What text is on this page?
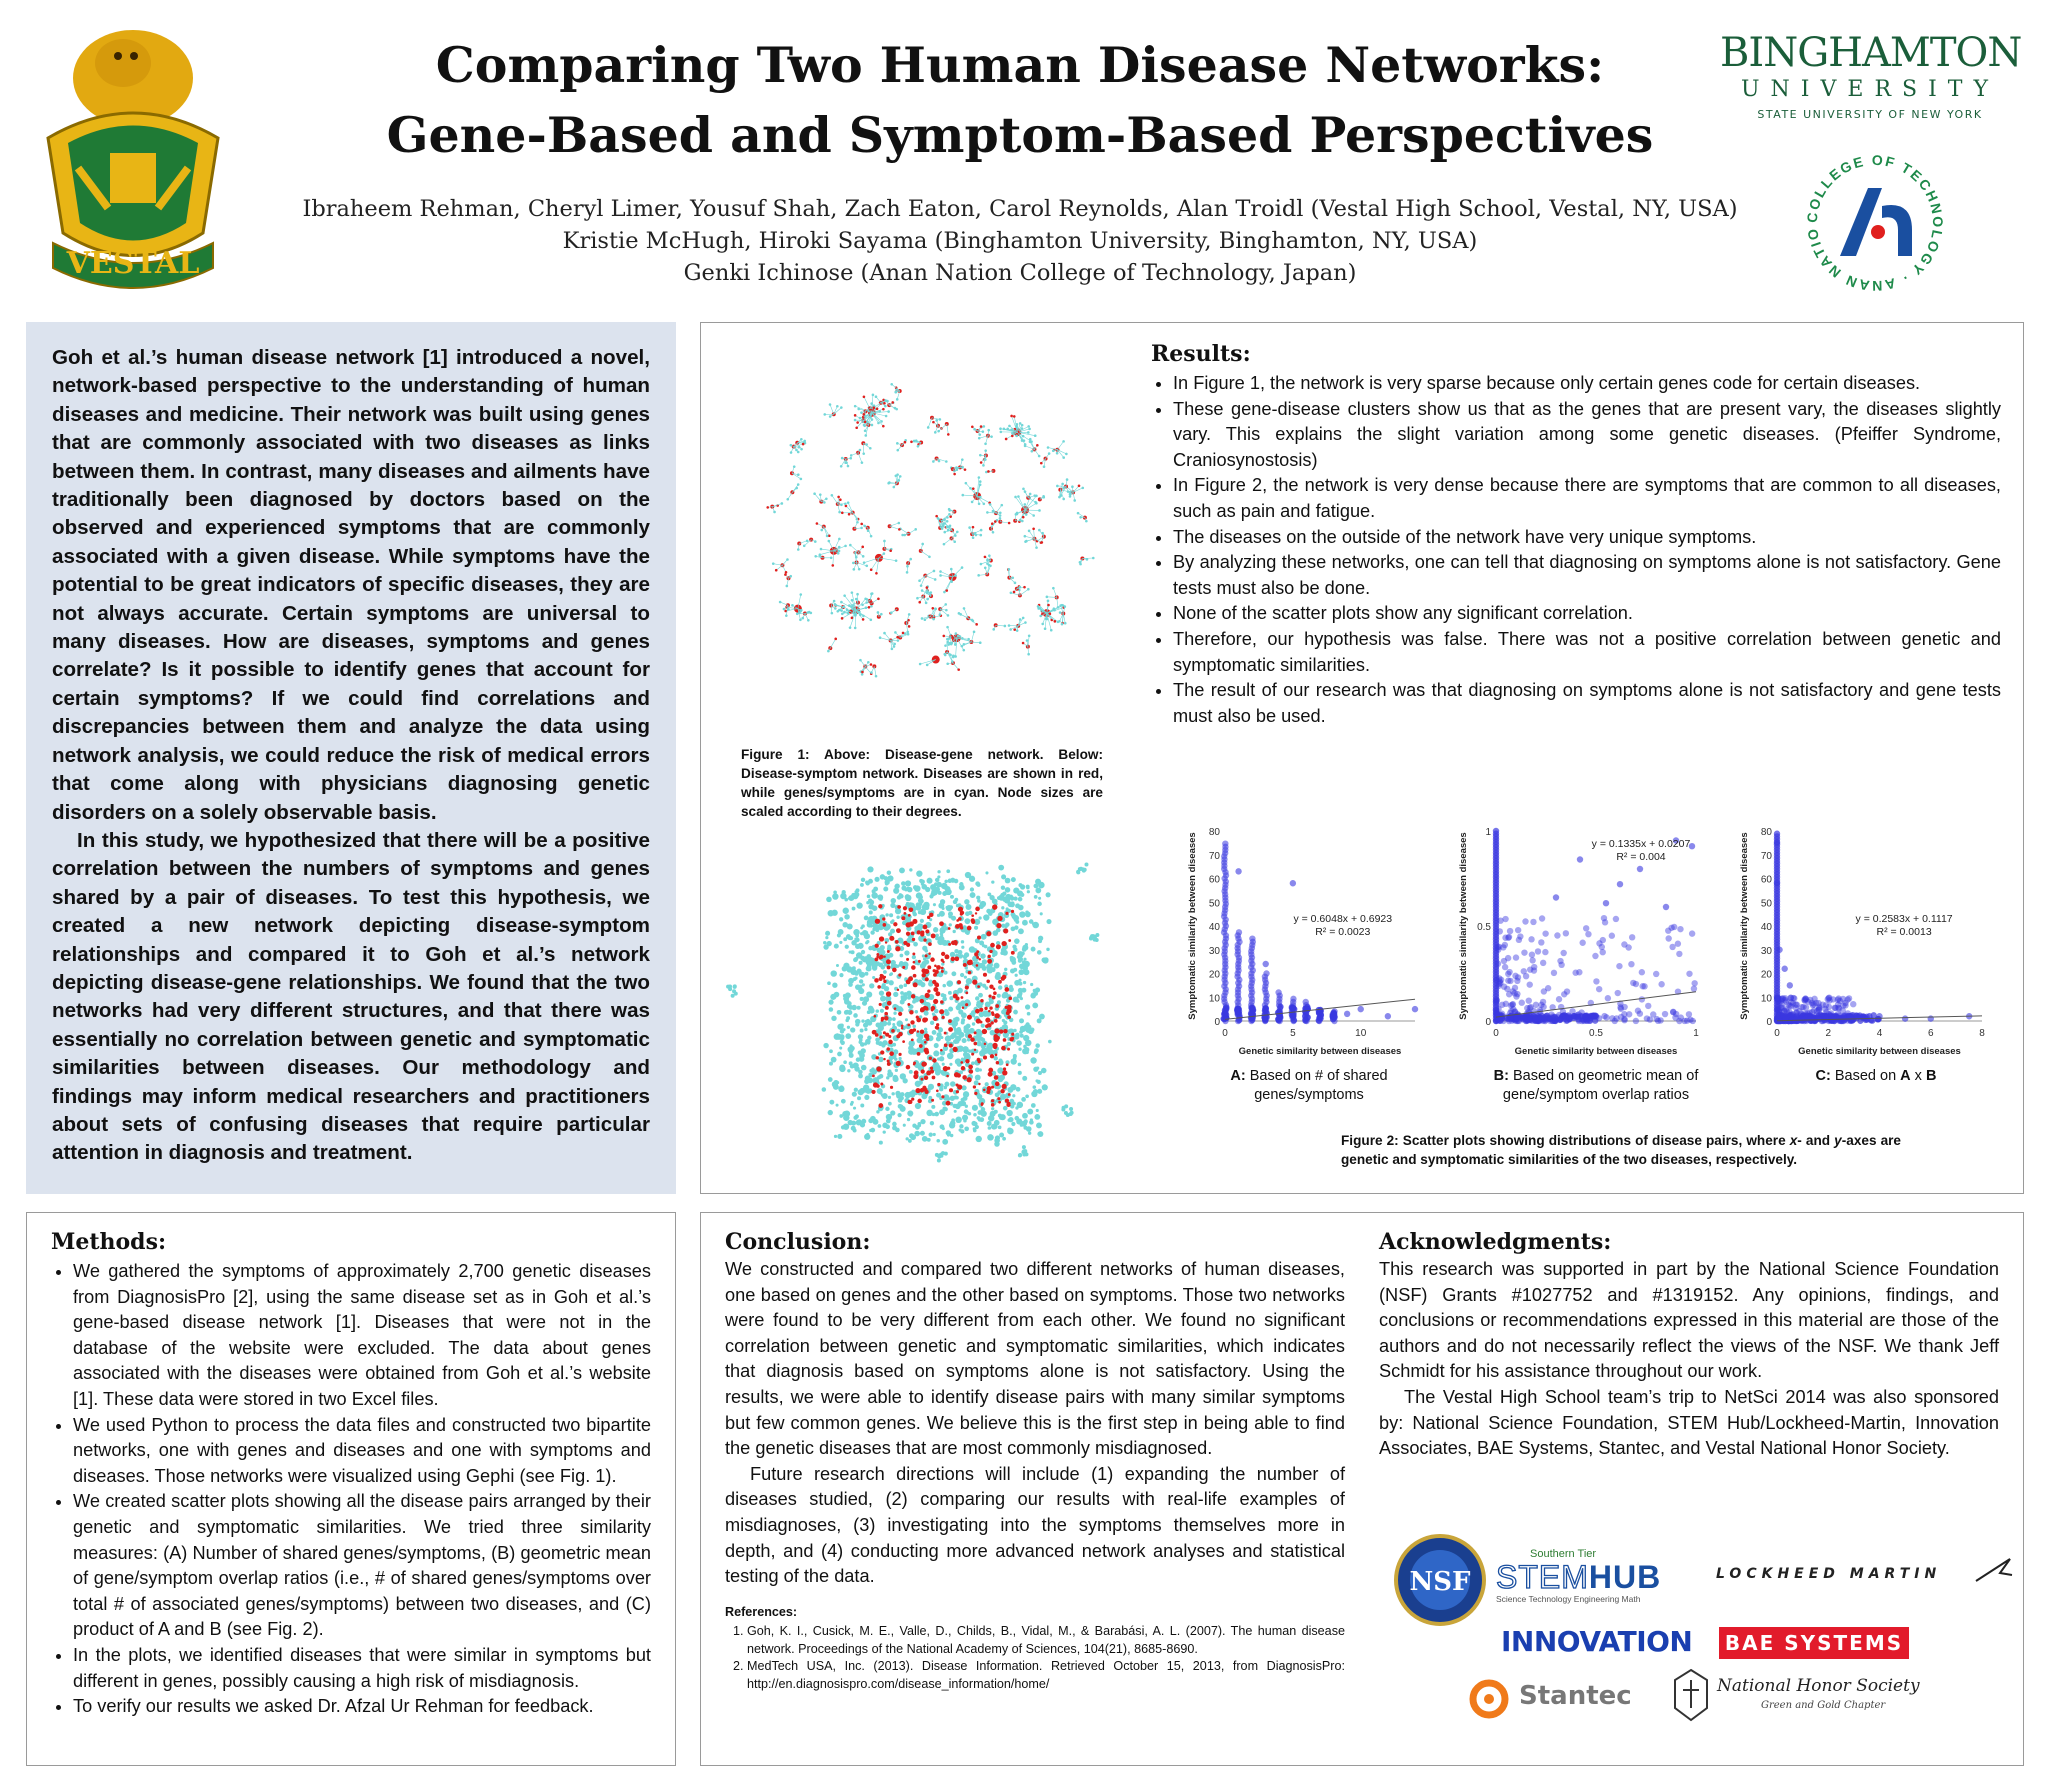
VESTAL
Comparing Two Human Disease Networks:
Gene-Based and Symptom-Based Perspectives
Ibraheem Rehman, Cheryl Limer, Yousuf Shah, Zach Eaton, Carol Reynolds, Alan Troidl (Vestal High School, Vestal, NY, USA)
Kristie McHugh, Hiroki Sayama (Binghamton University, Binghamton, NY, USA)
Genki Ichinose (Anan Nation College of Technology, Japan)
BINGHAMTON
UNIVERSITY
STATE UNIVERSITY OF NEW YORK
COLLEGE OF TECHNOLOGY · ANAN NATIO

Goh et al.’s human disease network [1] introduced a novel, network-based perspective to the understanding of human diseases and medicine. Their network was built using genes that are commonly associated with two diseases as links between them. In contrast, many diseases and ailments have traditionally been diagnosed by doctors based on the observed and experienced symptoms that are commonly associated with a given disease. While symptoms have the potential to be great indicators of specific diseases, they are not always accurate. Certain symptoms are universal to many diseases. How are diseases, symptoms and genes correlate? Is it possible to identify genes that account for certain symptoms? If we could find correlations and discrepancies between them and analyze the data using network analysis, we could reduce the risk of medical errors that come along with physicians diagnosing genetic disorders on a solely observable basis.

In this study, we hypothesized that there will be a positive correlation between the numbers of symptoms and genes shared by a pair of diseases. To test this hypothesis, we created a new network depicting disease-symptom relationships and compared it to Goh et al.’s network depicting disease-gene relationships. We found that the two networks had very different structures, and that there was essentially no correlation between genetic and symptomatic similarities between diseases. Our methodology and findings may inform medical researchers and practitioners about sets of confusing diseases that require particular attention in diagnosis and treatment.

Figure 1: Above: Disease-gene network. Below: Disease-symptom network. Diseases are shown in red, while genes/symptoms are in cyan. Node sizes are scaled according to their degrees.
Results:
• In Figure 1, the network is very sparse because only certain genes code for certain diseases.
• These gene-disease clusters show us that as the genes that are present vary, the diseases slightly vary. This explains the slight variation among some genetic diseases. (Pfeiffer Syndrome, Craniosynostosis)
• In Figure 2, the network is very dense because there are symptoms that are common to all diseases, such as pain and fatigue.
• The diseases on the outside of the network have very unique symptoms.
• By analyzing these networks, one can tell that diagnosing on symptoms alone is not satisfactory. Gene tests must also be done.
• None of the scatter plots show any significant correlation.
• Therefore, our hypothesis was false. There was not a positive correlation between genetic and symptomatic similarities.
• The result of our research was that diagnosing on symptoms alone is not satisfactory and gene tests must also be used.
0
10
20
30
40
50
60
70
80
0	5	10
Genetic similarity between diseases
Symptomatic similarity between diseases	y = 0.6048x + 0.6923
R² = 0.0023
0
0.5
1
0	0.5	1
Genetic similarity between diseases
Symptomatic similarity between diseases	y = 0.1335x + 0.0207
R² = 0.004
0
10
20
30
40
50
60
70
80
0	2	4	6	8
Genetic similarity between diseases
Symptomatic similarity between diseases	y = 0.2583x + 0.1117
R² = 0.0013
A: Based on # of shared genes/symptoms
B: Based on geometric mean of gene/symptom overlap ratios
C: Based on A x B
Figure 2: Scatter plots showing distributions of disease pairs, where x- and y-axes are genetic and symptomatic similarities of the two diseases, respectively.
Methods:
• We gathered the symptoms of approximately 2,700 genetic diseases from DiagnosisPro [2], using the same disease set as in Goh et al.’s gene-based disease network [1]. Diseases that were not in the database of the website were excluded. The data about genes associated with the diseases were obtained from Goh et al.’s website [1]. These data were stored in two Excel files.
• We used Python to process the data files and constructed two bipartite networks, one with genes and diseases and one with symptoms and diseases. Those networks were visualized using Gephi (see Fig. 1).
• We created scatter plots showing all the disease pairs arranged by their genetic and symptomatic similarities. We tried three similarity measures: (A) Number of shared genes/symptoms, (B) geometric mean of gene/symptom overlap ratios (i.e., # of shared genes/symptoms over total # of associated genes/symptoms) between two diseases, and (C) product of A and B (see Fig. 2).
• In the plots, we identified diseases that were similar in symptoms but different in genes, possibly causing a high risk of misdiagnosis.
• To verify our results we asked Dr. Afzal Ur Rehman for feedback.
Conclusion:

We constructed and compared two different networks of human diseases, one based on genes and the other based on symptoms. Those two networks were found to be very different from each other. We found no significant correlation between genetic and symptomatic similarities, which indicates that diagnosis based on symptoms alone is not satisfactory. Using the results, we were able to identify disease pairs with many similar symptoms but few common genes. We believe this is the first step in being able to find the genetic diseases that are most commonly misdiagnosed.

Future research directions will include (1) expanding the number of diseases studied, (2) comparing our results with real-life examples of misdiagnoses, (3) investigating into the symptoms themselves more in depth, and (4) conducting more advanced network analyses and statistical testing of the data.

References:
1. Goh, K. I., Cusick, M. E., Valle, D., Childs, B., Vidal, M., & Barabási, A. L. (2007). The human disease network. Proceedings of the National Academy of Sciences, 104(21), 8685-8690.
2. MedTech USA, Inc. (2013). Disease Information. Retrieved October 15, 2013, from DiagnosisPro: http://en.diagnosispro.com/disease_information/home/
Acknowledgments:

This research was supported in part by the National Science Foundation (NSF) Grants #1027752 and #1319152. Any opinions, findings, and conclusions or recommendations expressed in this material are those of the authors and do not necessarily reflect the views of the NSF. We thank Jeff Schmidt for his assistance throughout our work.

The Vestal High School team’s trip to NetSci 2014 was also sponsored by: National Science Foundation, STEM Hub/Lockheed-Martin, Innovation Associates, BAE Systems, Stantec, and Vestal National Honor Society.

NSF
Southern Tier
STEMHUB
Science Technology Engineering Math
LOCKHEED MARTIN
INNOVATION BAE SYSTEMS
Stantec	National Honor Society
Green and Gold Chapter
